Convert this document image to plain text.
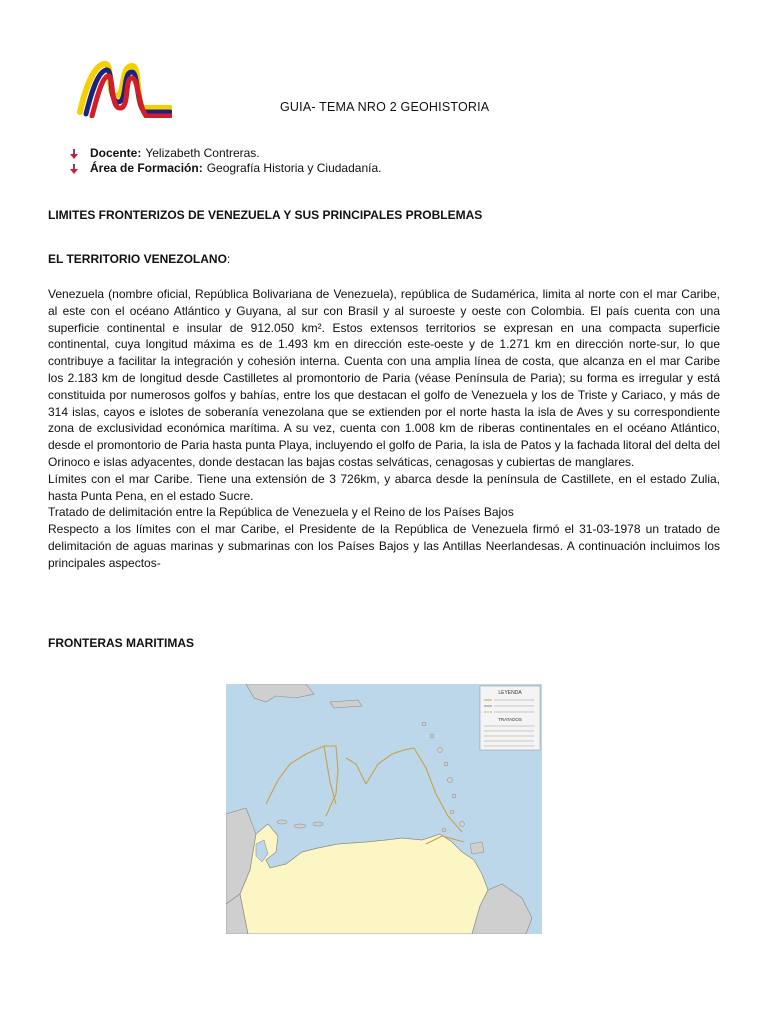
GUIA- TEMA NRO 2 GEOHISTORIA
Docente: Yelizabeth Contreras.
Área de Formación: Geografía Historia y Ciudadanía.
LIMITES FRONTERIZOS DE VENEZUELA Y SUS PRINCIPALES PROBLEMAS
EL TERRITORIO VENEZOLANO:

Venezuela (nombre oficial, República Bolivariana de Venezuela), república de Sudamérica, limita al norte con el mar Caribe, al este con el océano Atlántico y Guyana, al sur con Brasil y al suroeste y oeste con Colombia. El país cuenta con una superficie continental e insular de 912.050 km². Estos extensos territorios se expresan en una compacta superficie continental, cuya longitud máxima es de 1.493 km en dirección este-oeste y de 1.271 km en dirección norte-sur, lo que contribuye a facilitar la integración y cohesión interna. Cuenta con una amplia línea de costa, que alcanza en el mar Caribe los 2.183 km de longitud desde Castilletes al promontorio de Paria (véase Península de Paria); su forma es irregular y está constituida por numerosos golfos y bahías, entre los que destacan el golfo de Venezuela y los de Triste y Cariaco, y más de 314 islas, cayos e islotes de soberanía venezolana que se extienden por el norte hasta la isla de Aves y su correspondiente zona de exclusividad económica marítima. A su vez, cuenta con 1.008 km de riberas continentales en el océano Atlántico, desde el promontorio de Paria hasta punta Playa, incluyendo el golfo de Paria, la isla de Patos y la fachada litoral del delta del Orinoco e islas adyacentes, donde destacan las bajas costas selváticas, cenagosas y cubiertas de manglares.

Límites con el mar Caribe. Tiene una extensión de 3 726km, y abarca desde la península de Castillete, en el estado Zulia, hasta Punta Pena, en el estado Sucre.

Tratado de delimitación entre la República de Venezuela y el Reino de los Países Bajos

Respecto a los límites con el mar Caribe, el Presidente de la República de Venezuela firmó el 31-03-1978 un tratado de delimitación de aguas marinas y submarinas con los Países Bajos y las Antillas Neerlandesas. A continuación incluimos los principales aspectos-

FRONTERAS MARITIMAS
LEYENDA
TRATADOS
